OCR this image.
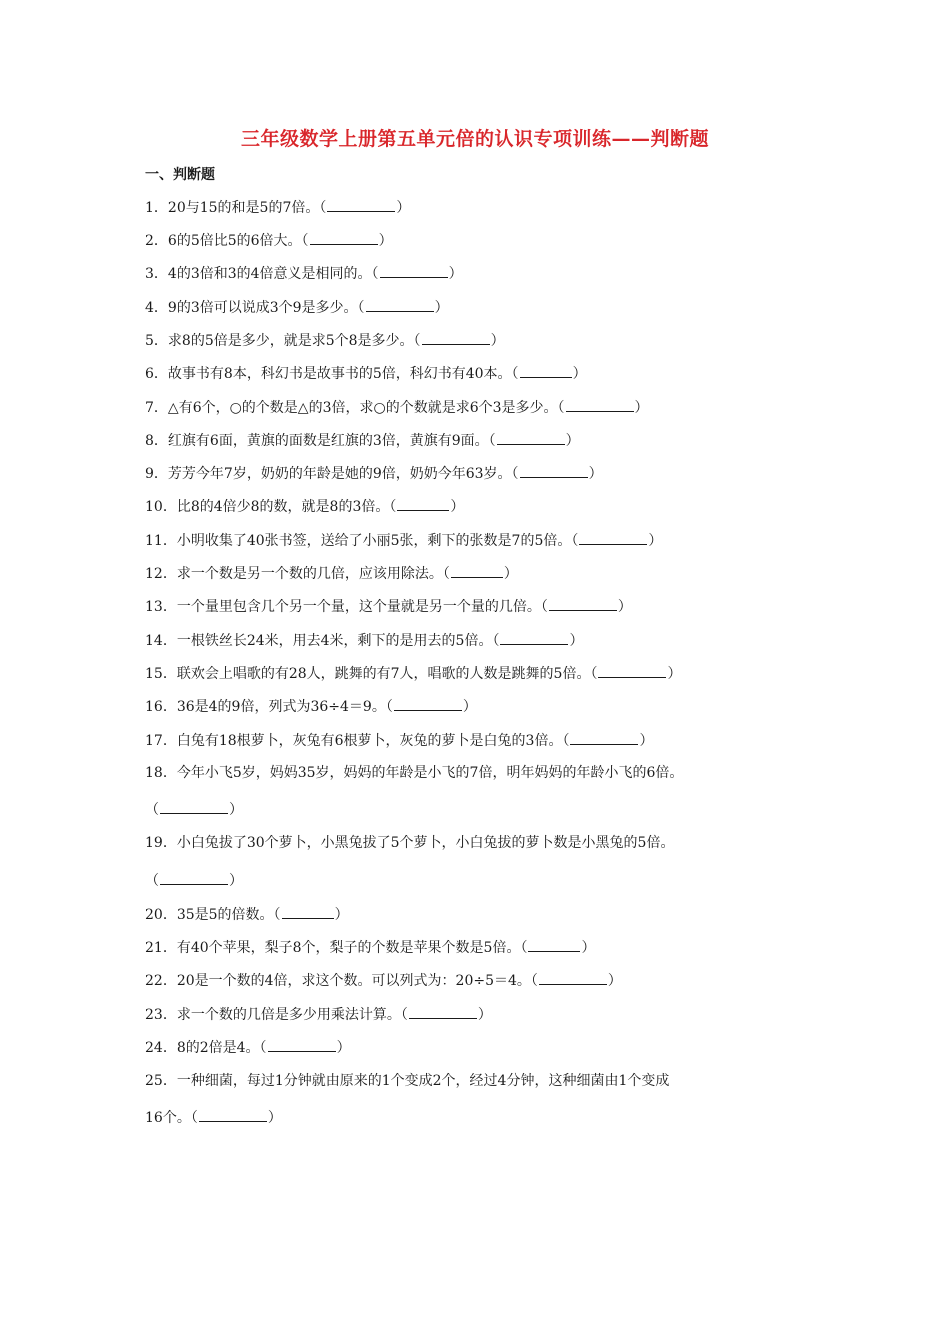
三年级数学上册第五单元倍的认识专项训练——判断题
一、判断题
1．20与15的和是5的7倍。（	）
2．6的5倍比5的6倍大。（	）
3．4的3倍和3的4倍意义是相同的。（	）
4．9的3倍可以说成3个9是多少。（	）
5．求8的5倍是多少，就是求5个8是多少。（	）
6．故事书有8本，科幻书是故事书的5倍，科幻书有40本。（	）
7．△有6个，○的个数是△的3倍，求○的个数就是求6个3是多少。（	）
8．红旗有6面，黄旗的面数是红旗的3倍，黄旗有9面。（	）
9．芳芳今年7岁，奶奶的年龄是她的9倍，奶奶今年63岁。（	）
10．比8的4倍少8的数，就是8的3倍。（	）
11．小明收集了40张书签，送给了小丽5张，剩下的张数是7的5倍。（	）
12．求一个数是另一个数的几倍，应该用除法。（	）
13．一个量里包含几个另一个量，这个量就是另一个量的几倍。（	）
14．一根铁丝长24米，用去4米，剩下的是用去的5倍。（	）
15．联欢会上唱歌的有28人，跳舞的有7人，唱歌的人数是跳舞的5倍。（	）
16．36是4的9倍，列式为36÷4＝9。（	）
17．白兔有18根萝卜，灰兔有6根萝卜，灰兔的萝卜是白兔的3倍。（	）
18．今年小飞5岁，妈妈35岁，妈妈的年龄是小飞的7倍，明年妈妈的年龄小飞的6倍。
（	）
19．小白兔拔了30个萝卜，小黑兔拔了5个萝卜，小白兔拔的萝卜数是小黑兔的5倍。
（	）
20．35是5的倍数。（	）
21．有40个苹果，梨子8个，梨子的个数是苹果个数是5倍。（	）
22．20是一个数的4倍，求这个数。可以列式为：20÷5＝4。（	）
23．求一个数的几倍是多少用乘法计算。（	）
24．8的2倍是4。（	）
25．一种细菌，每过1分钟就由原来的1个变成2个，经过4分钟，这种细菌由1个变成
16个。（	）
